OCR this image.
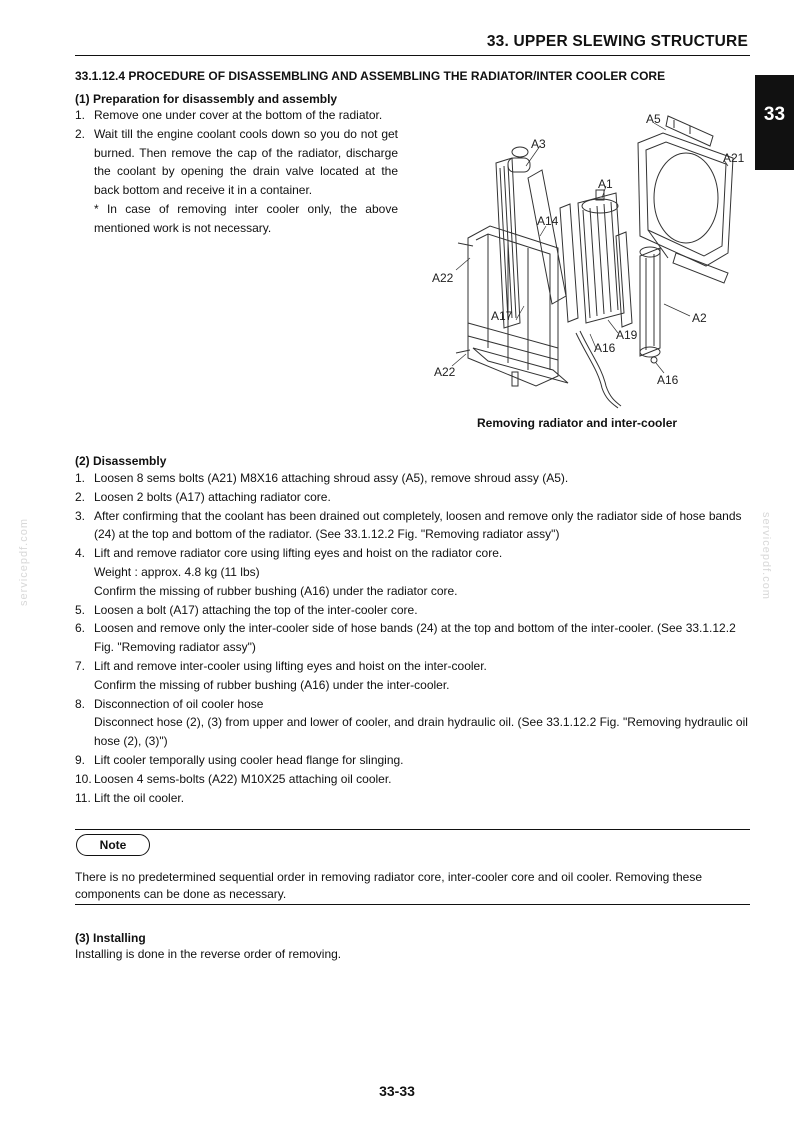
33. UPPER SLEWING STRUCTURE
33
33.1.12.4 PROCEDURE OF DISASSEMBLING AND ASSEMBLING THE RADIATOR/INTER COOLER CORE
(1) Preparation for disassembly and assembly
1. Remove one under cover at the bottom of the radiator.
2. Wait till the engine coolant cools down so you do not get burned. Then remove the cap of the radiator, discharge the coolant by opening the drain valve located at the back bottom and receive it in a container.
* In case of removing inter cooler only, the above mentioned work is not necessary.
A5
A21
A3
A1
A14
A22
A17	A2
A19
A16
A22
A16
Removing radiator and inter-cooler
servicepdf.com	servicepdf.com
(2) Disassembly
1. Loosen 8 sems bolts (A21) M8X16 attaching shroud assy (A5), remove shroud assy (A5).
2. Loosen 2 bolts (A17) attaching radiator core.
3. After confirming that the coolant has been drained out completely, loosen and remove only the radiator side of hose bands (24) at the top and bottom of the radiator. (See 33.1.12.2 Fig. "Removing radiator assy")
4. Lift and remove radiator core using lifting eyes and hoist on the radiator core.
Weight : approx. 4.8 kg (11 lbs)
Confirm the missing of rubber bushing (A16) under the radiator core.
5. Loosen a bolt (A17) attaching the top of the inter-cooler core.
6. Loosen and remove only the inter-cooler side of hose bands (24) at the top and bottom of the inter-cooler. (See 33.1.12.2 Fig. "Removing radiator assy")
7. Lift and remove inter-cooler using lifting eyes and hoist on the inter-cooler.
Confirm the missing of rubber bushing (A16) under the inter-cooler.
8. Disconnection of oil cooler hose
Disconnect hose (2), (3) from upper and lower of cooler, and drain hydraulic oil. (See 33.1.12.2 Fig. "Removing hydraulic oil hose (2), (3)")
9. Lift cooler temporally using cooler head flange for slinging.
10. Loosen 4 sems-bolts (A22) M10X25 attaching oil cooler.
11. Lift the oil cooler.
Note
There is no predetermined sequential order in removing radiator core, inter-cooler core and oil cooler. Removing these components can be done as necessary.
(3) Installing
Installing is done in the reverse order of removing.
33-33
